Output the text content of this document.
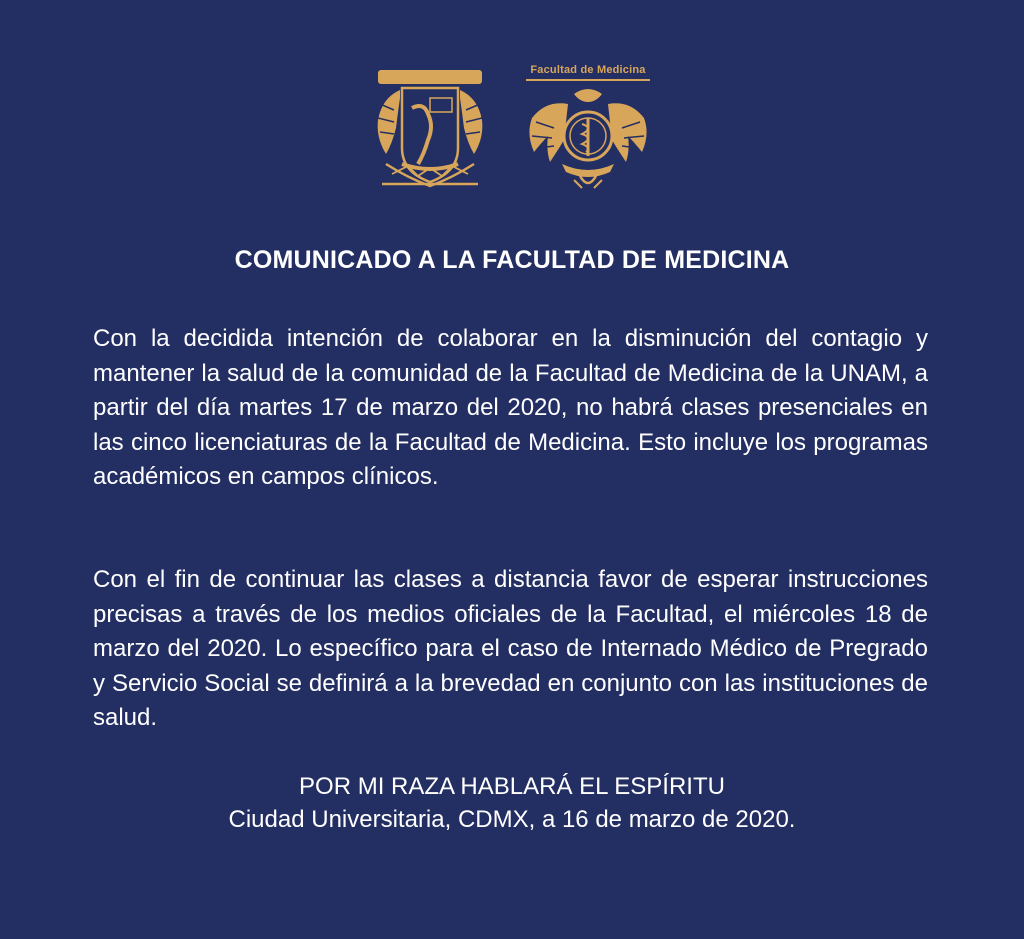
Facultad de Medicina
COMUNICADO A LA FACULTAD DE MEDICINA

Con la decidida intención de colaborar en la disminución del contagio y mantener la salud de la comunidad de la Facultad de Medicina de la UNAM, a partir del día martes 17 de marzo del 2020, no habrá clases presenciales en las cinco licenciaturas de la Facultad de Medicina. Esto incluye los programas académicos en campos clínicos.

Con el fin de continuar las clases a distancia favor de esperar instrucciones precisas a través de los medios oficiales de la Facultad, el miércoles 18 de marzo del 2020. Lo específico para el caso de Internado Médico de Pregrado y Servicio Social se definirá a la brevedad en conjunto con las instituciones de salud.

POR MI RAZA HABLARÁ EL ESPÍRITU
Ciudad Universitaria, CDMX, a 16 de marzo de 2020.
